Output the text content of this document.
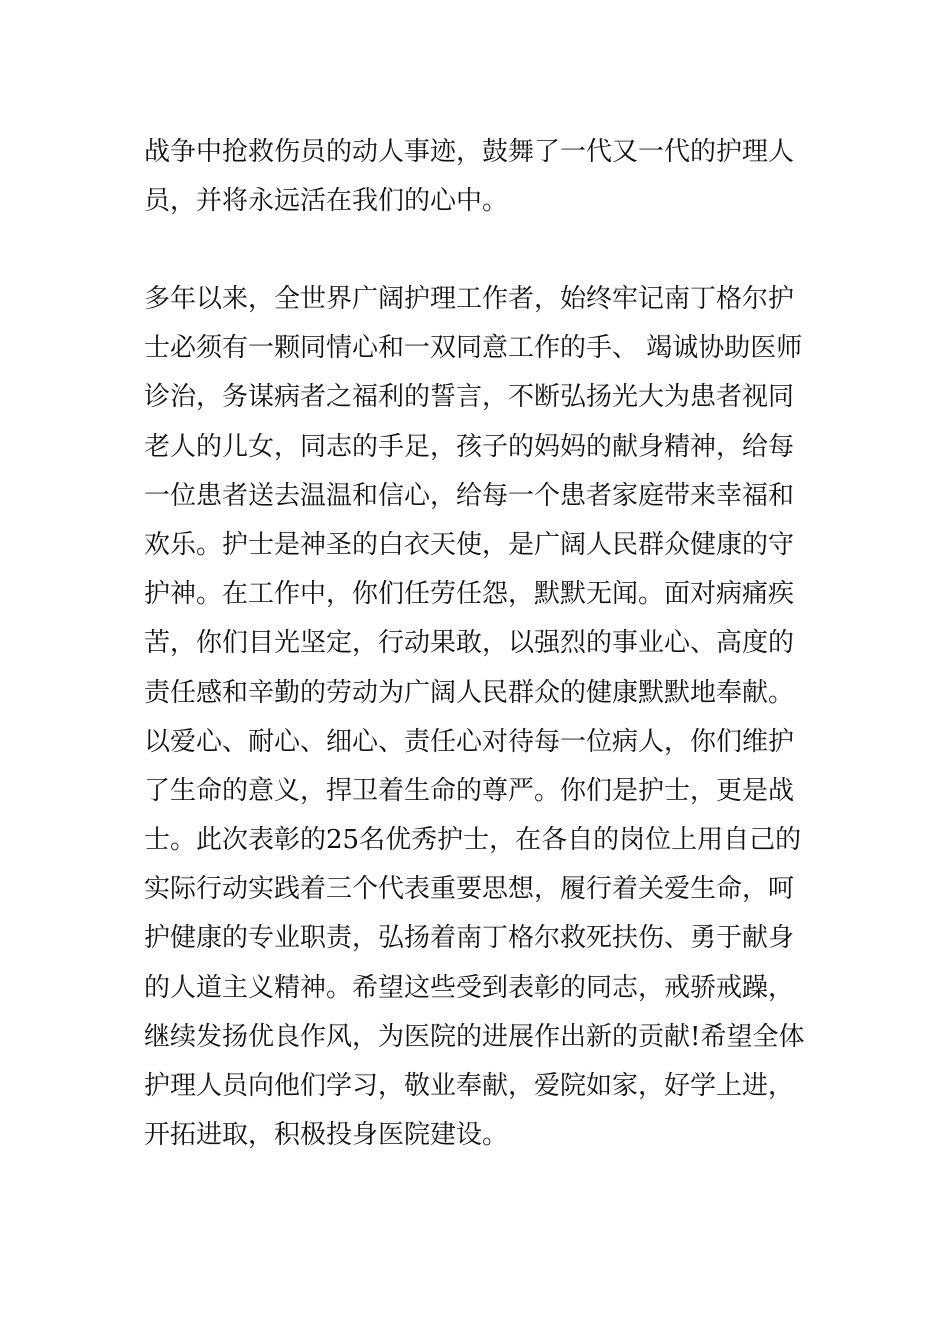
战争中抢救伤员的动人事迹，鼓舞了一代又一代的护理人
员，并将永远活在我们的心中。

多年以来，全世界广阔护理工作者，始终牢记南丁格尔护
士必须有一颗同情心和一双同意工作的手、 竭诚协助医师
诊治，务谋病者之福利的誓言，不断弘扬光大为患者视同
老人的儿女，同志的手足，孩子的妈妈的献身精神，给每
一位患者送去温温和信心，给每一个患者家庭带来幸福和
欢乐。护士是神圣的白衣天使，是广阔人民群众健康的守
护神。在工作中，你们任劳任怨，默默无闻。面对病痛疾
苦，你们目光坚定，行动果敢，以强烈的事业心、高度的
责任感和辛勤的劳动为广阔人民群众的健康默默地奉献。
以爱心、耐心、细心、责任心对待每一位病人，你们维护
了生命的意义，捍卫着生命的尊严。你们是护士，更是战
士。此次表彰的25名优秀护士，在各自的岗位上用自己的
实际行动实践着三个代表重要思想，履行着关爱生命，呵
护健康的专业职责，弘扬着南丁格尔救死扶伤、勇于献身
的人道主义精神。希望这些受到表彰的同志，戒骄戒躁，
继续发扬优良作风，为医院的进展作出新的贡献!希望全体
护理人员向他们学习，敬业奉献，爱院如家，好学上进，
开拓进取，积极投身医院建设。
